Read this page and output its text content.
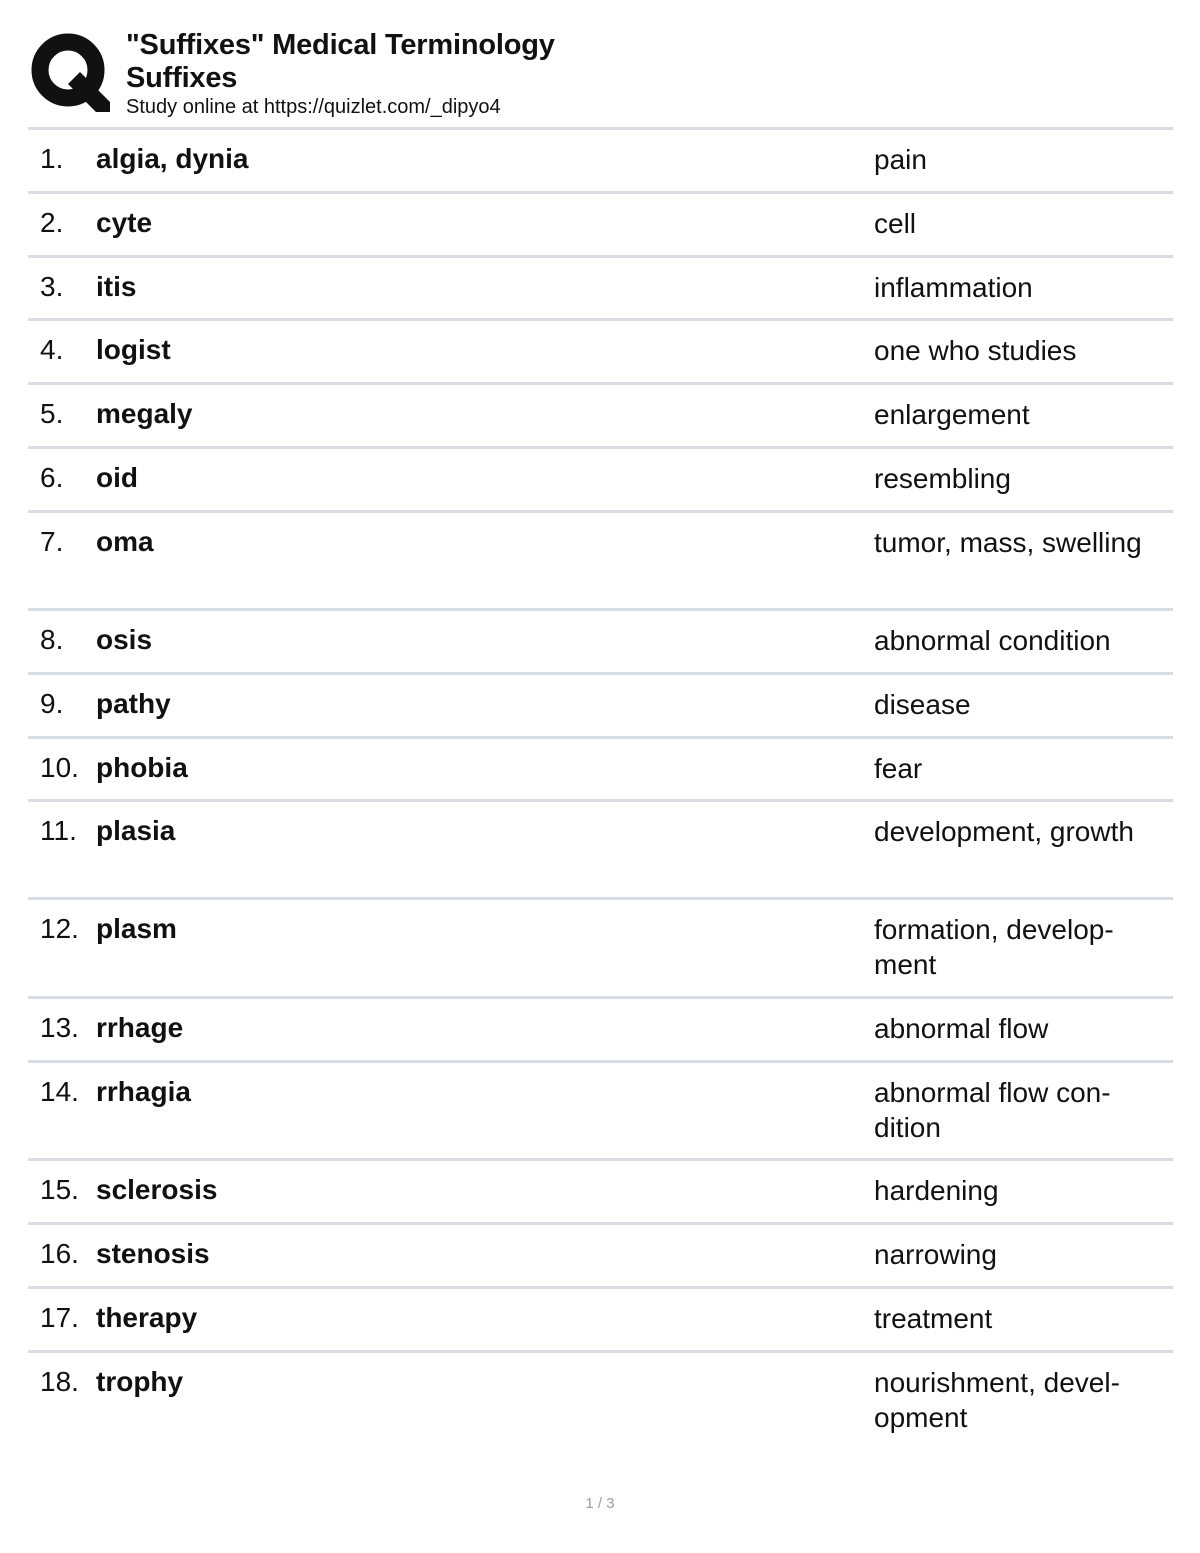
"Suffixes" Medical Terminology
Suffixes
Study online at https://quizlet.com/_dipyo4
1. algia, dynia	pain
2. cyte	cell
3. itis	inflammation
4. logist	one who studies
5. megaly	enlargement
6. oid	resembling
7. oma	tumor, mass, swelling
8. osis	abnormal condition
9. pathy	disease
10. phobia	fear
11. plasia	development, growth
12. plasm	formation, develop- ment
13. rrhage	abnormal flow
14. rrhagia	abnormal flow con- dition
15. sclerosis	hardening
16. stenosis	narrowing
17. therapy	treatment
18. trophy	nourishment, devel- opment
1 / 3
